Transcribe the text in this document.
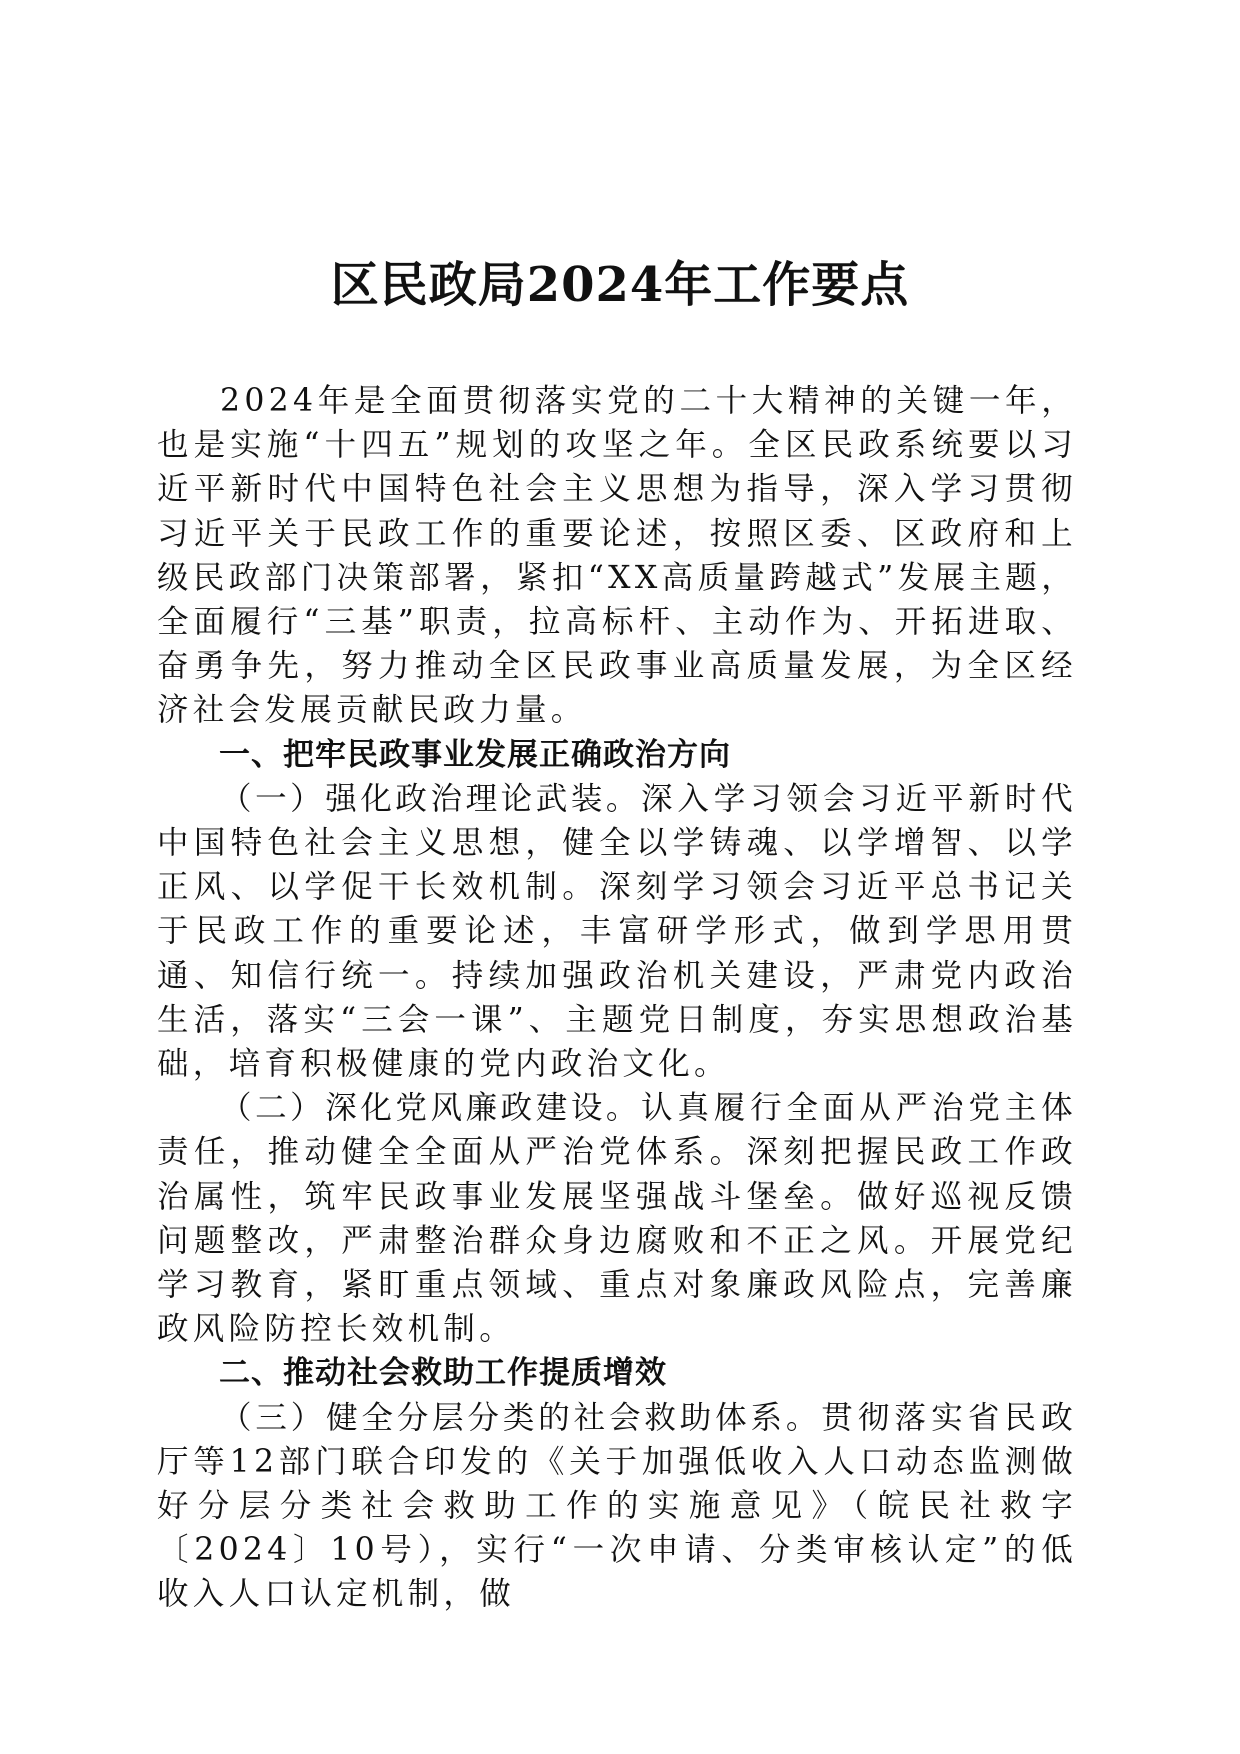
区民政局2024年工作要点

2024年是全面贯彻落实党的二十大精神的关键一年，也是实施“十四五”规划的攻坚之年。全区民政系统要以习近平新时代中国特色社会主义思想为指导，深入学习贯彻习近平关于民政工作的重要论述，按照区委、区政府和上级民政部门决策部署，紧扣“XX高质量跨越式”发展主题，全面履行“三基”职责，拉高标杆、主动作为、开拓进取、奋勇争先，努力推动全区民政事业高质量发展，为全区经济社会发展贡献民政力量。

一、把牢民政事业发展正确政治方向

（一）强化政治理论武装。深入学习领会习近平新时代中国特色社会主义思想，健全以学铸魂、以学增智、以学正风、以学促干长效机制。深刻学习领会习近平总书记关于民政工作的重要论述，丰富研学形式，做到学思用贯通、知信行统一。持续加强政治机关建设，严肃党内政治生活，落实“三会一课”、主题党日制度，夯实思想政治基础，培育积极健康的党内政治文化。

（二）深化党风廉政建设。认真履行全面从严治党主体责任，推动健全全面从严治党体系。深刻把握民政工作政治属性，筑牢民政事业发展坚强战斗堡垒。做好巡视反馈问题整改，严肃整治群众身边腐败和不正之风。开展党纪学习教育，紧盯重点领域、重点对象廉政风险点，完善廉政风险防控长效机制。

二、推动社会救助工作提质增效

（三）健全分层分类的社会救助体系。贯彻落实省民政厅等12部门联合印发的《关于加强低收入人口动态监测做好分层分类社会救助工作的实施意见》（皖民社救字〔2024〕10号），实行“一次申请、分类审核认定”的低收入人口认定机制，做
